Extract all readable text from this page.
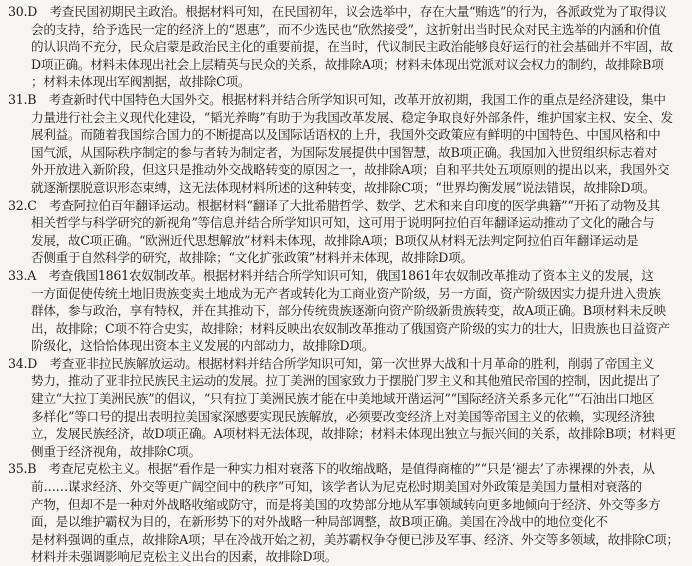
30.D  考查民国初期民主政治。根据材料可知，在民国初年，议会选举中，存在大量“贿选”的行为，各派政党为了取得议
会的支持，给予选民一定的经济上的“恩惠”，而不少选民也“欣然接受”，这折射出当时民众对民主选举的内涵和价值
的认识尚不充分，民众启蒙是政治民主化的重要前提，在当时，代议制民主政治能够良好运行的社会基础并不牢固，故
D项正确。材料未体现出社会上层精英与民众的关系，故排除A项；材料未体现出党派对议会权力的制约，故排除B项
；材料未体现出军阀割据，故排除C项。
31.B  考查新时代中国特色大国外交。根据材料并结合所学知识可知，改革开放初期，我国工作的重点是经济建设，集中
力量进行社会主义现代化建设，“韬光养晦”有助于为我国改革发展、稳定争取良好外部条件，维护国家主权、安全、发
展利益。而随着我国综合国力的不断提高以及国际话语权的上升，我国外交政策应有鲜明的中国特色、中国风格和中
国气派，从国际秩序制定的参与者转为制定者，为国际发展提供中国智慧，故B项正确。我国加入世贸组织标志着对
外开放进入新阶段，但这只是推动外交战略转变的原因之一，故排除A项；自和平共处五项原则的提出以来，我国外交
就逐渐摆脱意识形态束缚，这无法体现材料所述的这种转变，故排除C项；“世界均衡发展”说法错误，故排除D项。
32.C  考查阿拉伯百年翻译运动。根据材料“翻译了大批希腊哲学、数学、艺术和来自印度的医学典籍”“开拓了动物及其
相关哲学与科学研究的新视角”等信息并结合所学知识可知，这可用于说明阿拉伯百年翻译运动推动了文化的融合与
发展，故C项正确。“欧洲近代思想解放”材料未体现，故排除A项；B项仅从材料无法判定阿拉伯百年翻译运动是
否侧重于自然科学的研究，故排除；“文化扩张政策”材料并未体现，故排除D项。
33.A  考查俄国1861农奴制改革。根据材料并结合所学知识可知，俄国1861年农奴制改革推动了资本主义的发展，这
一方面促使传统土地旧贵族变卖土地成为无产者或转化为工商业资产阶级，另一方面，资产阶级因实力提升进入贵族
群体，参与政治，享有特权，并在其推动下，部分传统贵族逐渐向资产阶级新贵族转变，故A项正确。B项材料未反映
出，故排除；C项不符合史实，故排除；材料反映出农奴制改革推动了俄国资产阶级的实力的壮大，旧贵族也日益资产
阶级化，这恰恰体现出资本主义发展的内部动力，故排除D项。
34.D  考查亚非拉民族解放运动。根据材料并结合所学知识可知，第一次世界大战和十月革命的胜利，削弱了帝国主义
势力，推动了亚非拉民族民主运动的发展。拉丁美洲的国家致力于摆脱门罗主义和其他殖民帝国的控制，因此提出了
建立“大拉丁美洲民族”的倡议，“只有拉丁美洲民族才能在中美地域开凿运河”“国际经济关系多元化”“石油出口地区
多样化”等口号的提出表明拉美国家深感要实现民族解放，必须要改变经济上对美国等帝国主义的依赖，实现经济独
立，发展民族经济，故D项正确。A项材料无法体现，故排除；材料未体现出独立与振兴间的关系，故排除B项；材料更
侧重于经济视角，故排除C项。
35.B  考查尼克松主义。根据“看作是一种实力相对衰落下的收缩战略，是值得商榷的”“只是‘褪去’了赤裸裸的外表，从
前……谋求经济、外交等更广阔空间中的秩序”可知，该学者认为尼克松时期美国对外政策是美国力量相对衰落的
产物，但却不是一种对外战略收缩或防守，而是将美国的攻势部分地从军事领域转向更多地倾向于经济、外交等多方
面，是以维护霸权为目的，在新形势下的对外战略一种局部调整，故B项正确。美国在冷战中的地位变化不
是材料强调的重点，故排除A项；早在冷战开始之初，美苏霸权争夺便已涉及军事、经济、外交等多领域，故排除C项；
材料并未强调影响尼克松主义出台的因素，故排除D项。
